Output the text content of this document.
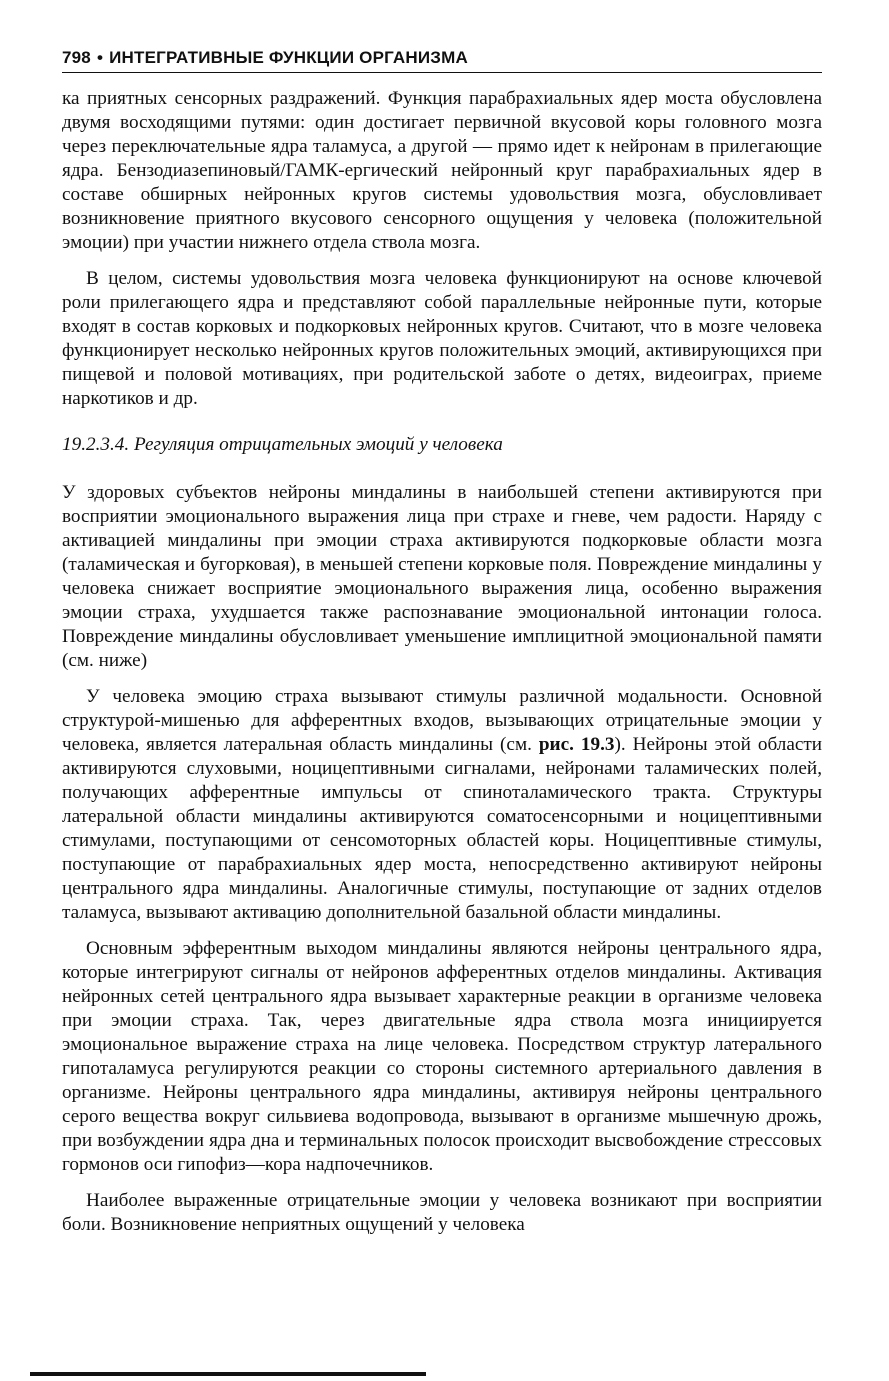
798 • ИНТЕГРАТИВНЫЕ ФУНКЦИИ ОРГАНИЗМА

ка приятных сенсорных раздражений. Функция парабрахиальных ядер моста обусловлена двумя восходящими путями: один достигает первичной вкусовой коры головного мозга через переключательные ядра таламуса, а другой — прямо идет к нейронам в прилегающие ядра. Бензодиазепиновый/ГАМК-ергический нейронный круг парабрахиальных ядер в составе обширных нейронных кругов системы удовольствия мозга, обусловливает возникновение приятного вкусового сенсорного ощущения у человека (положительной эмоции) при участии нижнего отдела ствола мозга.

В целом, системы удовольствия мозга человека функционируют на основе ключевой роли прилегающего ядра и представляют собой параллельные нейронные пути, которые входят в состав корковых и подкорковых нейронных кругов. Считают, что в мозге человека функционирует несколько нейронных кругов положительных эмоций, активирующихся при пищевой и половой мотивациях, при родительской заботе о детях, видеоиграх, приеме наркотиков и др.

19.2.3.4. Регуляция отрицательных эмоций у человека

У здоровых субъектов нейроны миндалины в наибольшей степени активируются при восприятии эмоционального выражения лица при страхе и гневе, чем радости. Наряду с активацией миндалины при эмоции страха активируются подкорковые области мозга (таламическая и бугорковая), в меньшей степени корковые поля. Повреждение миндалины у человека снижает восприятие эмоционального выражения лица, особенно выражения эмоции страха, ухудшается также распознавание эмоциональной интонации голоса. Повреждение миндалины обусловливает уменьшение имплицитной эмоциональной памяти (см. ниже)

У человека эмоцию страха вызывают стимулы различной модальности. Основной структурой-мишенью для афферентных входов, вызывающих отрицательные эмоции у человека, является латеральная область миндалины (см. рис. 19.3). Нейроны этой области активируются слуховыми, ноцицептивными сигналами, нейронами таламических полей, получающих афферентные импульсы от спиноталамического тракта. Структуры латеральной области миндалины активируются соматосенсорными и ноцицептивными стимулами, поступающими от сенсомоторных областей коры. Ноцицептивные стимулы, поступающие от парабрахиальных ядер моста, непосредственно активируют нейроны центрального ядра миндалины. Аналогичные стимулы, поступающие от задних отделов таламуса, вызывают активацию дополнительной базальной области миндалины.

Основным эфферентным выходом миндалины являются нейроны центрального ядра, которые интегрируют сигналы от нейронов афферентных отделов миндалины. Активация нейронных сетей центрального ядра вызывает характерные реакции в организме человека при эмоции страха. Так, через двигательные ядра ствола мозга инициируется эмоциональное выражение страха на лице человека. Посредством структур латерального гипоталамуса регулируются реакции со стороны системного артериального давления в организме. Нейроны центрального ядра миндалины, активируя нейроны центрального серого вещества вокруг сильвиева водопровода, вызывают в организме мышечную дрожь, при возбуждении ядра дна и терминальных полосок происходит высвобождение стрессовых гормонов оси гипофиз—кора надпочечников.

Наиболее выраженные отрицательные эмоции у человека возникают при восприятии боли. Возникновение неприятных ощущений у человека
